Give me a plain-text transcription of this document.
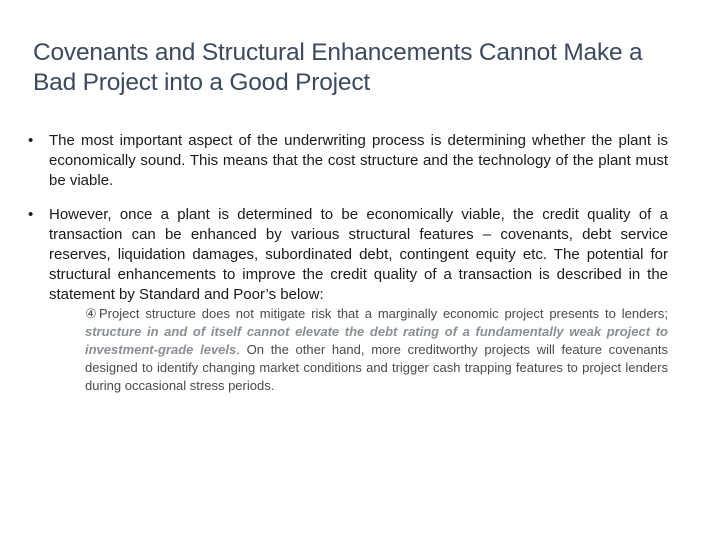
Covenants and Structural Enhancements Cannot Make a Bad Project into a Good Project
•	The most important aspect of the underwriting process is determining whether the plant is economically sound. This means that the cost structure and the technology of the plant must be viable.
•	However, once a plant is determined to be economically viable, the credit quality of a transaction can be enhanced by various structural features – covenants, debt service reserves, liquidation damages, subordinated debt, contingent equity etc. The potential for structural enhancements to improve the credit quality of a transaction is described in the statement by Standard and Poor’s below:
④ Project structure does not mitigate risk that a marginally economic project presents to lenders; structure in and of itself cannot elevate the debt rating of a fundamentally weak project to investment-grade levels. On the other hand, more creditworthy projects will feature covenants designed to identify changing market conditions and trigger cash trapping features to project lenders during occasional stress periods.
